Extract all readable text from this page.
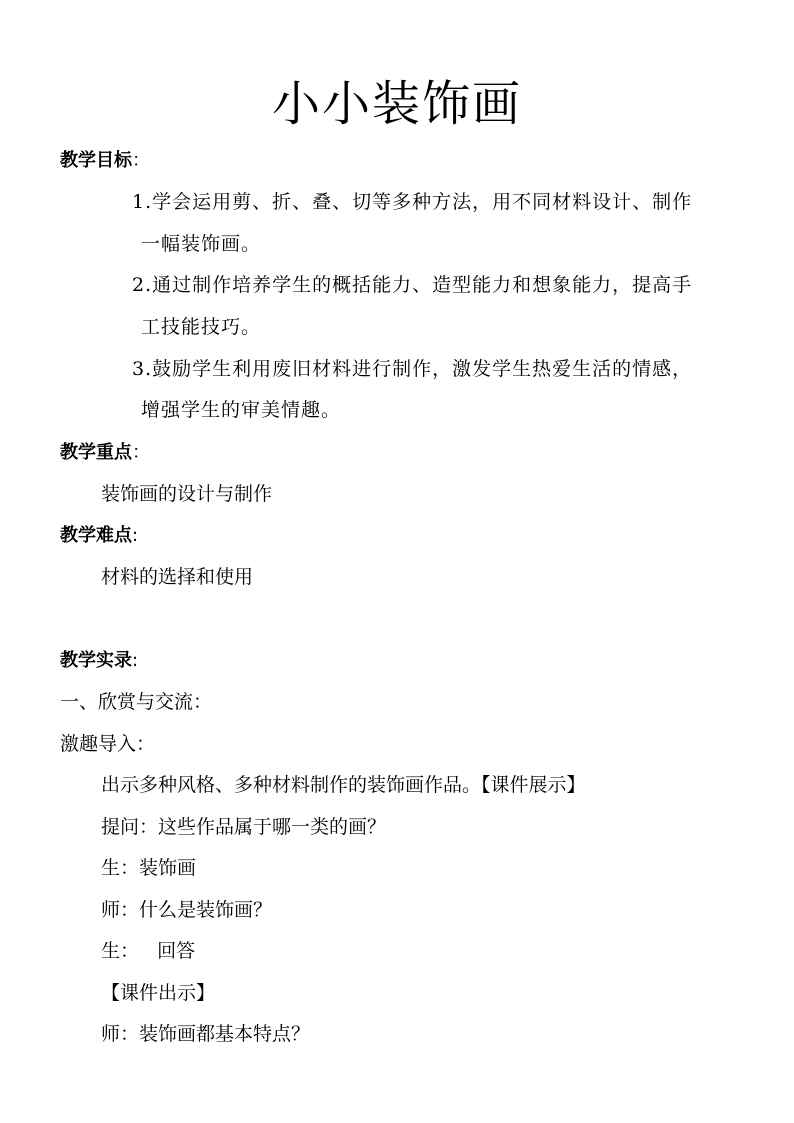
小小装饰画
教学目标：
1.学会运用剪、折、叠、切等多种方法，用不同材料设计、制作
一幅装饰画。
2.通过制作培养学生的概括能力、造型能力和想象能力，提高手
工技能技巧。
3.鼓励学生利用废旧材料进行制作，激发学生热爱生活的情感，
增强学生的审美情趣。
教学重点：
装饰画的设计与制作
教学难点:
材料的选择和使用
教学实录:
一、欣赏与交流：
激趣导入：
出示多种风格、多种材料制作的装饰画作品。【课件展示】
提问：这些作品属于哪一类的画？
生：装饰画
师：什么是装饰画？
生：   回答
【课件出示】
师：装饰画都基本特点？
